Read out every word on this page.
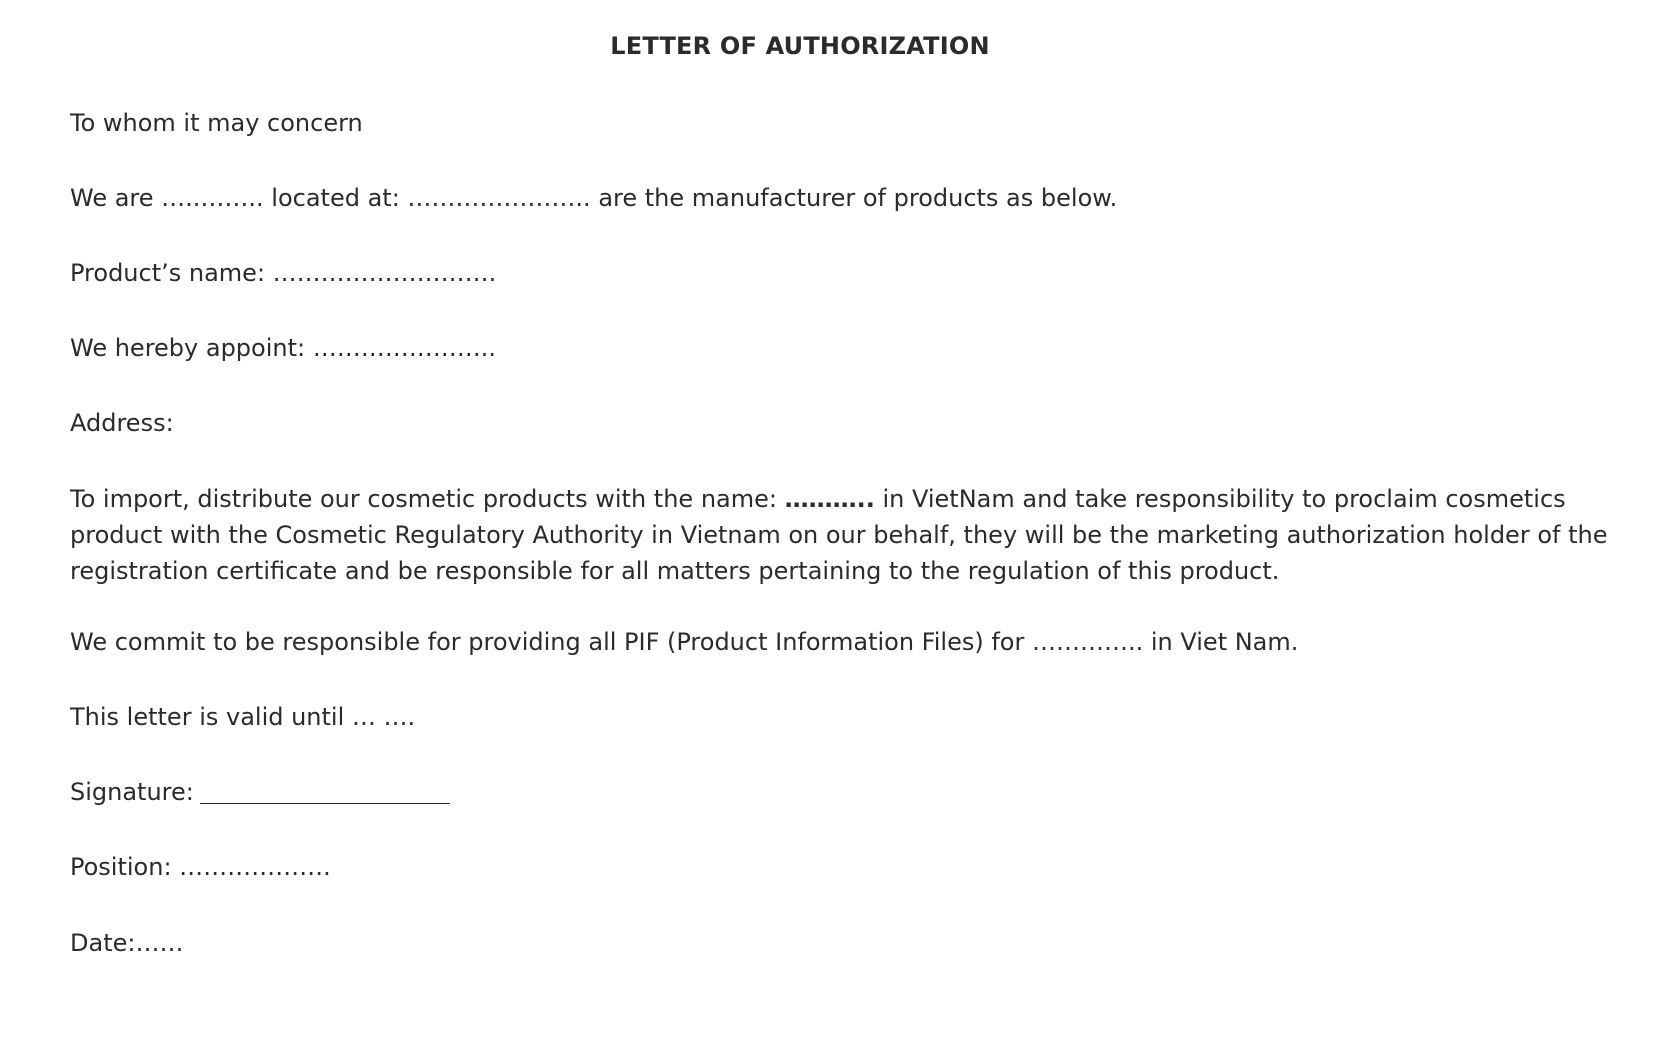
LETTER OF AUTHORIZATION

To whom it may concern

We are …..…….. located at: ………………….. are the manufacturer of products as below.

Product’s name: ……………………….

We hereby appoint: …………………..

Address:

To import, distribute our cosmetic products with the name: ……….. in VietNam and take responsibility to proclaim cosmetics product with the Cosmetic Regulatory Authority in Vietnam on our behalf, they will be the marketing authorization holder of the registration certificate and be responsible for all matters pertaining to the regulation of this product.

We commit to be responsible for providing all PIF (Product Information Files) for ………….. in Viet Nam.

This letter is valid until … ….

Signature:

Position: ……………….

Date:……
